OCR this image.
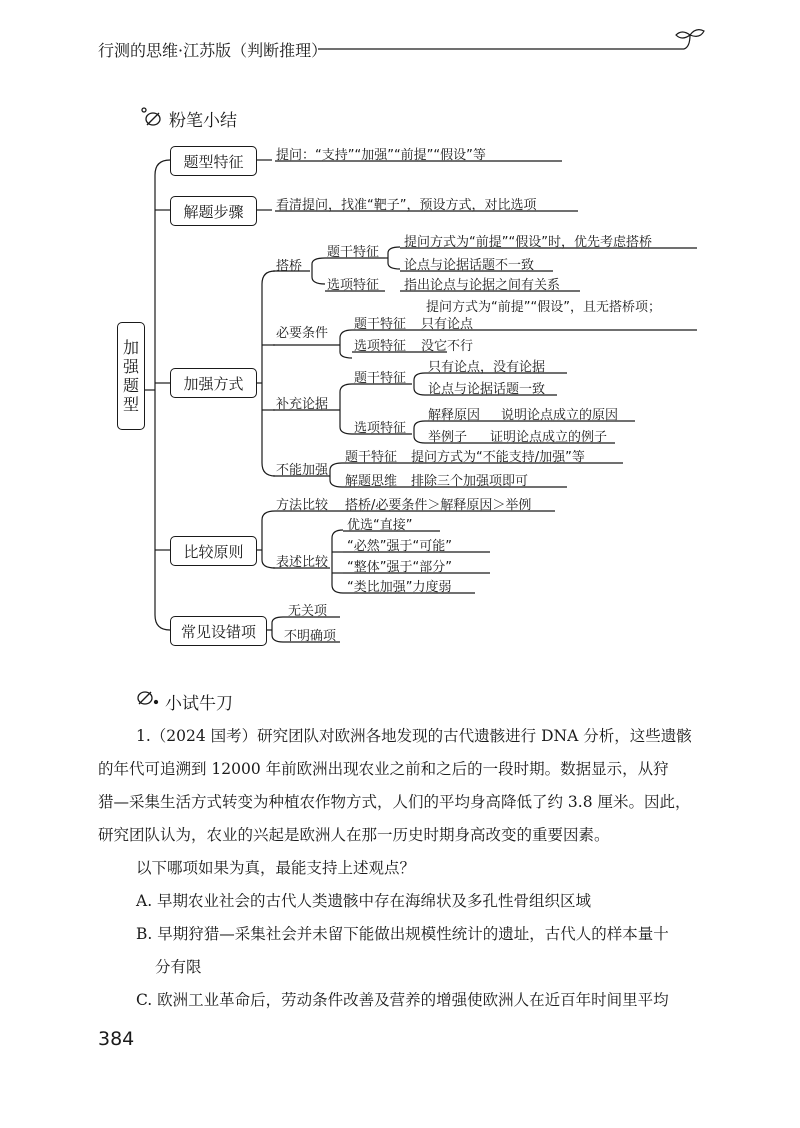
行测的思维·江苏版（判断推理）
粉笔小结
加强题型
题型特征
解题步骤
加强方式
比较原则
常见设错项
提问：“支持”“加强”“前提”“假设”等
看清提问，找准“靶子”，预设方式，对比选项
搭桥
题干特征
选项特征
提问方式为“前提”“假设”时，优先考虑搭桥
论点与论据话题不一致
指出论点与论据之间有关系
必要条件
提问方式为“前提”“假设”，且无搭桥项；
题干特征 只有论点
选项特征 没它不行
补充论据
题干特征
只有论点，没有论据
论点与论据话题一致
选项特征
解释原因 说明论点成立的原因
举例子 证明论点成立的例子
不能加强
题干特征 提问方式为“不能支持/加强”等
解题思维 排除三个加强项即可
方法比较 搭桥/必要条件＞解释原因＞举例
表述比较
优选“直接”
“必然”强于“可能”
“整体”强于“部分”
“类比加强”力度弱
无关项
不明确项
小试牛刀
1.（2024 国考）研究团队对欧洲各地发现的古代遗骸进行 DNA 分析，这些遗骸
的年代可追溯到 12000 年前欧洲出现农业之前和之后的一段时期。数据显示，从狩
猎—采集生活方式转变为种植农作物方式，人们的平均身高降低了约 3.8 厘米。因此，
研究团队认为，农业的兴起是欧洲人在那一历史时期身高改变的重要因素。
以下哪项如果为真，最能支持上述观点？
A. 早期农业社会的古代人类遗骸中存在海绵状及多孔性骨组织区域
B. 早期狩猎—采集社会并未留下能做出规模性统计的遗址，古代人的样本量十
分有限
C. 欧洲工业革命后，劳动条件改善及营养的增强使欧洲人在近百年时间里平均
384
